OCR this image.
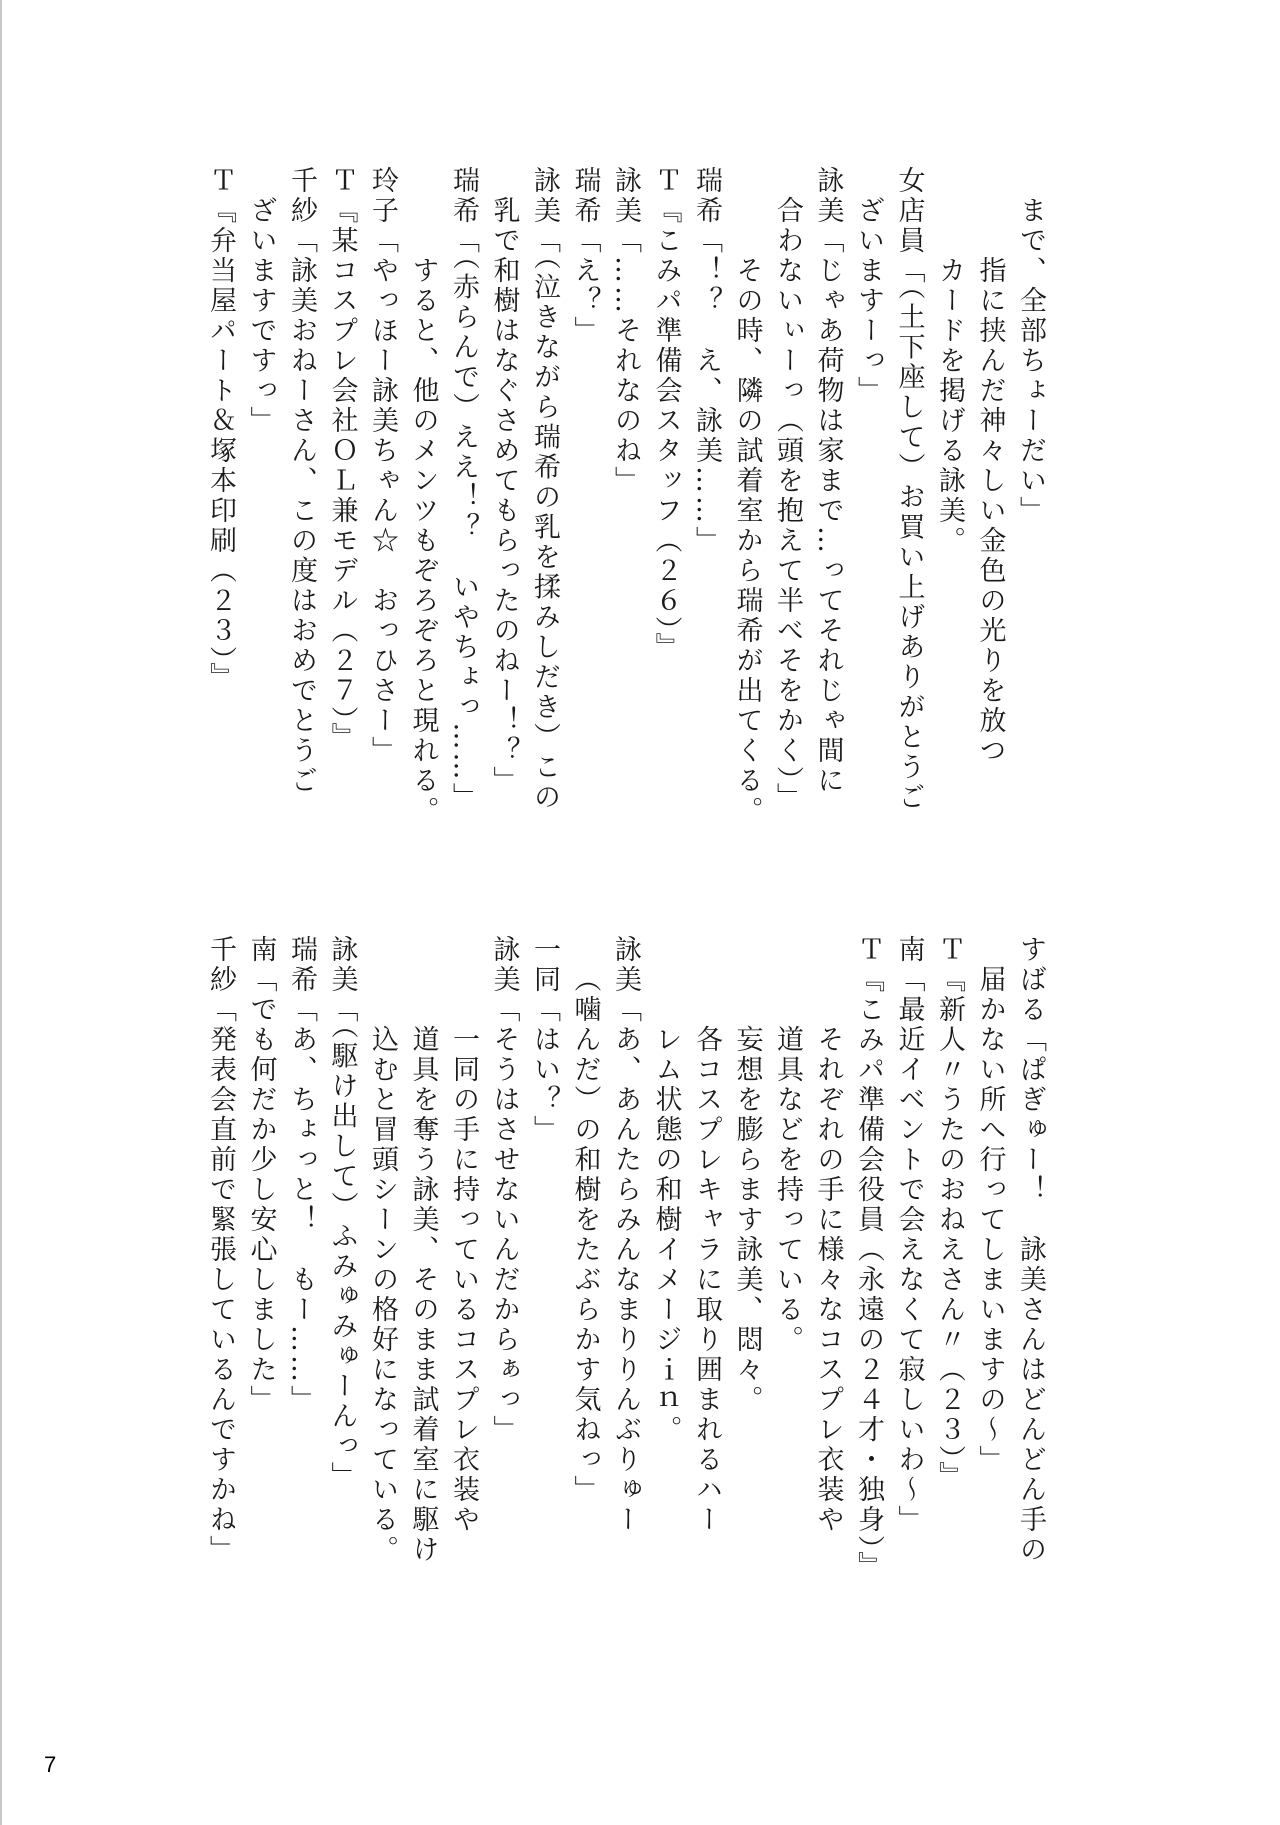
まで、全部ちょーだい」
指に挟んだ神々しい金色の光りを放つ
カードを掲げる詠美。
女店員「（土下座して）お買い上げありがとうご
ざいますーっ」
詠美「じゃあ荷物は家まで…ってそれじゃ間に
合わないぃーっ（頭を抱えて半べそをかく）」
その時、隣の試着室から瑞希が出てくる。
瑞希「！？　え、詠美……」
Ｔ『こみパ準備会スタッフ（２６）』
詠美「……それなのね」
瑞希「え？」
詠美「（泣きながら瑞希の乳を揉みしだき）この
乳で和樹はなぐさめてもらったのねー！？」
瑞希「（赤らんで）ええ！？　いやちょっ……」
すると、他のメンツもぞろぞろと現れる。
玲子「やっほー詠美ちゃん☆　おっひさー」
Ｔ『某コスプレ会社ＯＬ兼モデル（２７）』
千紗「詠美おねーさん、この度はおめでとうご
ざいますですっ」
Ｔ『弁当屋パート＆塚本印刷（２３）』
すばる「ぱぎゅー！　詠美さんはどんどん手の
届かない所へ行ってしまいますの～」
Ｔ『新人〃うたのおねえさん〃（２３）』
南「最近イベントで会えなくて寂しいわ～」
Ｔ『こみパ準備会役員（永遠の２４才・独身）』
それぞれの手に様々なコスプレ衣装や
道具などを持っている。
妄想を膨らます詠美、悶々。
各コスプレキャラに取り囲まれるハー
レム状態の和樹イメージｉｎ。
詠美「あ、あんたらみんなまりりんぶりゅー
（噛んだ）の和樹をたぶらかす気ねっ」
一同「はい？」
詠美「そうはさせないんだからぁっ」
一同の手に持っているコスプレ衣装や
道具を奪う詠美、そのまま試着室に駆け
込むと冒頭シーンの格好になっている。
詠美「（駆け出して）ふみゅみゅーんっ」
瑞希「あ、ちょっと！　もー……」
南「でも何だか少し安心しました」
千紗「発表会直前で緊張しているんですかね」
7
